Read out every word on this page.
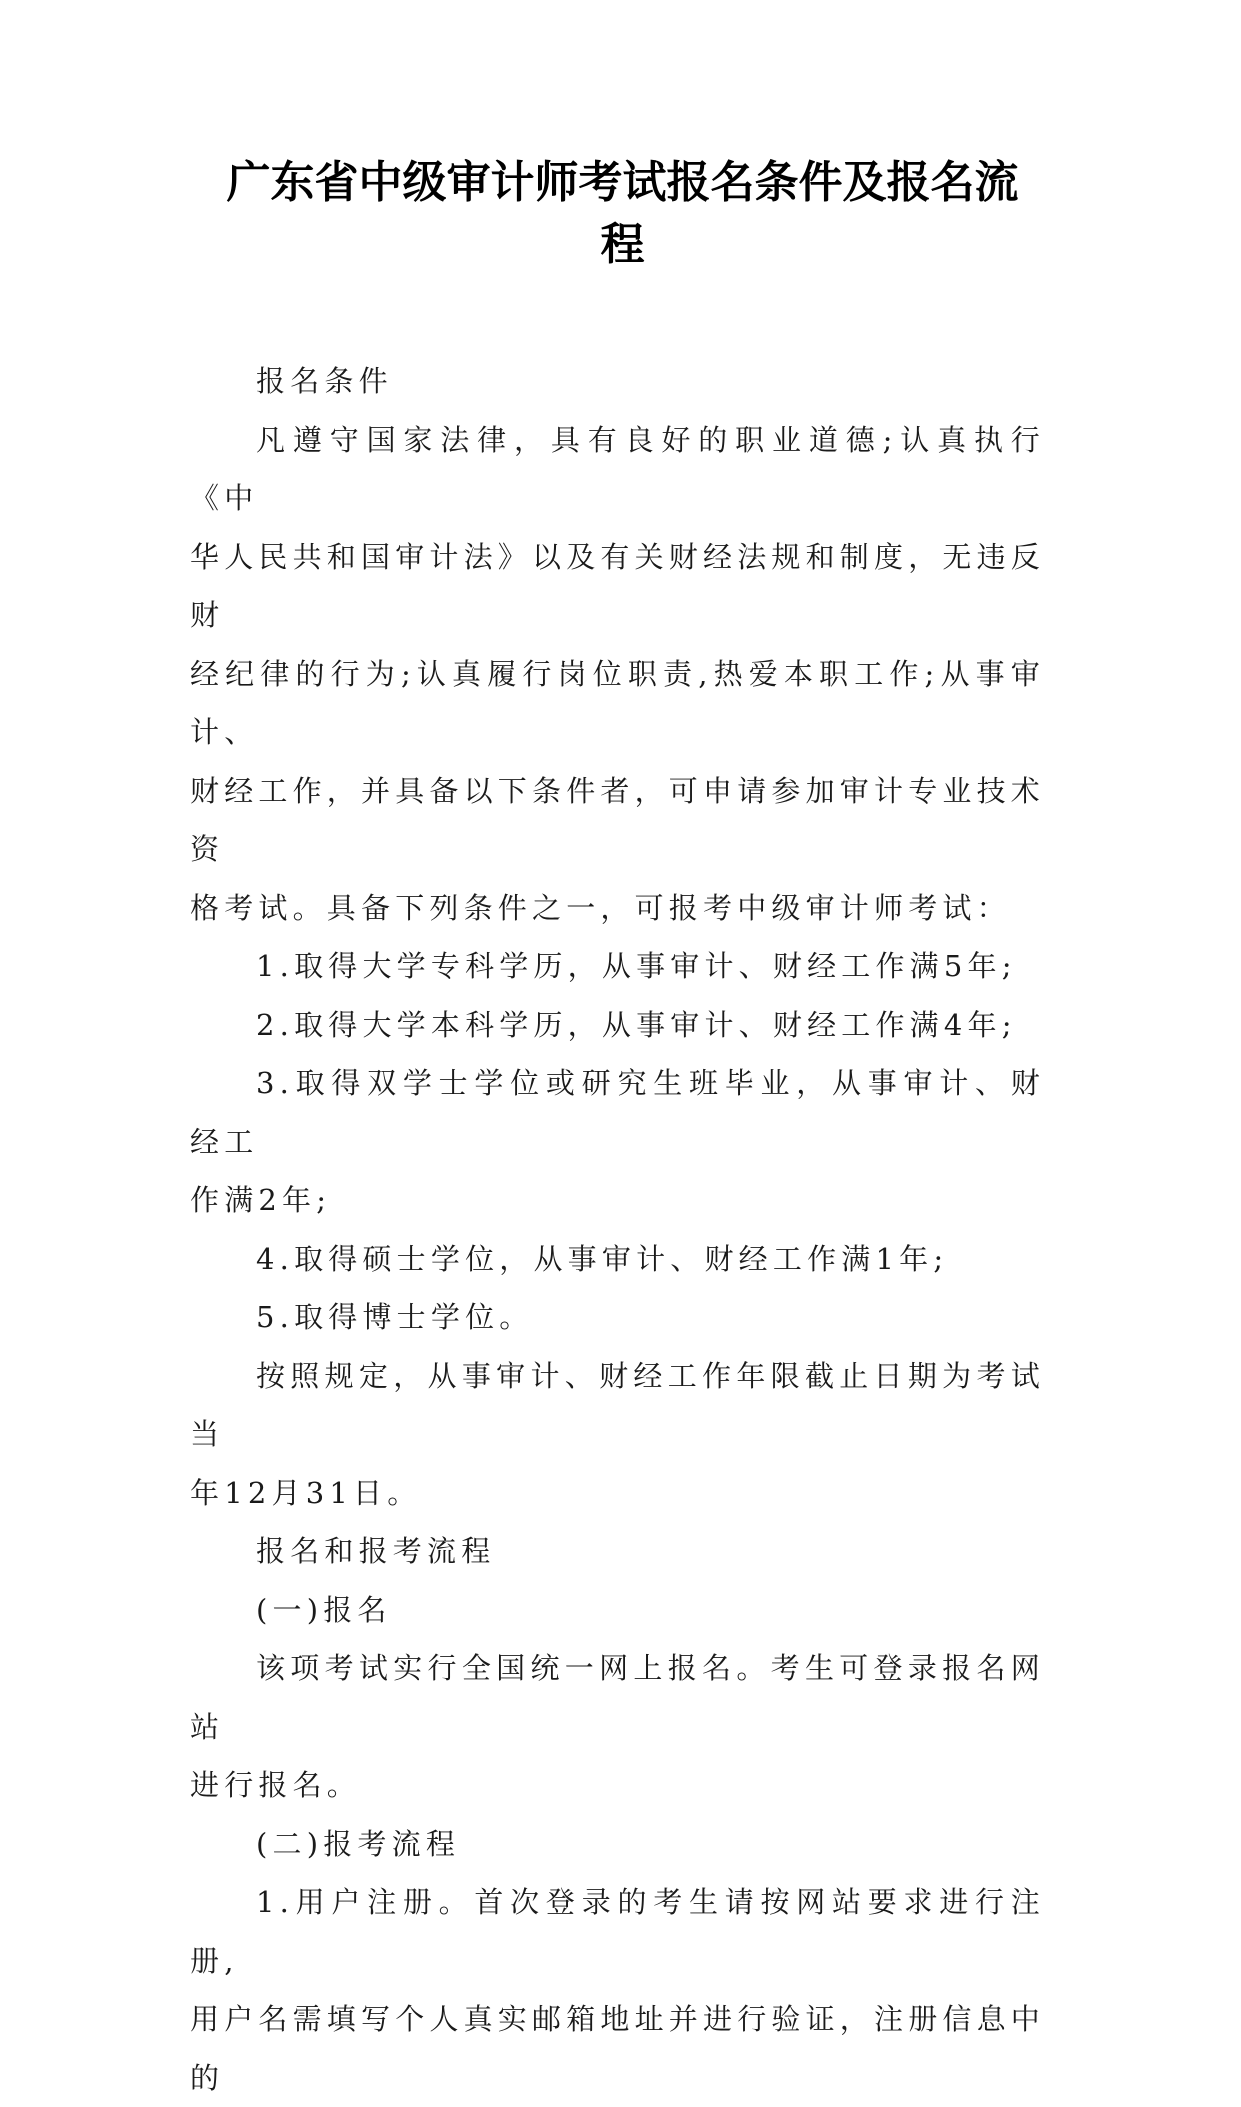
广东省中级审计师考试报名条件及报名流
程

报名条件

凡遵守国家法律，具有良好的职业道德;认真执行《中
华人民共和国审计法》以及有关财经法规和制度，无违反财
经纪律的行为;认真履行岗位职责,热爱本职工作;从事审计、
财经工作，并具备以下条件者，可申请参加审计专业技术资
格考试。具备下列条件之一，可报考中级审计师考试：

1.取得大学专科学历，从事审计、财经工作满5年;

2.取得大学本科学历，从事审计、财经工作满4年;

3.取得双学士学位或研究生班毕业，从事审计、财经工
作满2年;

4.取得硕士学位，从事审计、财经工作满1年;

5.取得博士学位。

按照规定，从事审计、财经工作年限截止日期为考试当
年12月31日。

报名和报考流程

(一)报名

该项考试实行全国统一网上报名。考生可登录报名网站
进行报名。

(二)报考流程

1.用户注册。首次登录的考生请按网站要求进行注册,
用户名需填写个人真实邮箱地址并进行验证，注册信息中的
